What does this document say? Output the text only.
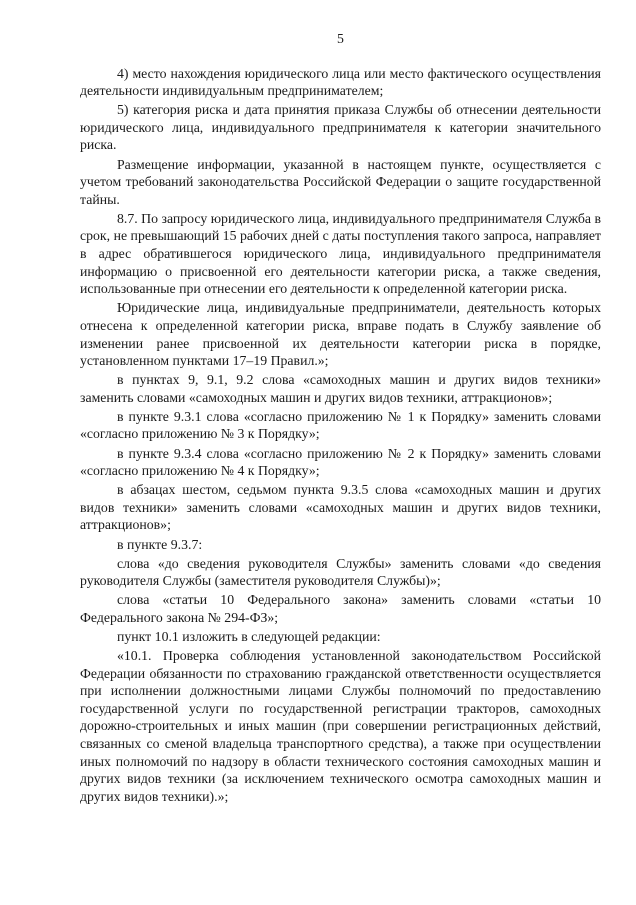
5

4) место нахождения юридического лица или место фактического осуществления деятельности индивидуальным предпринимателем;

5) категория риска и дата принятия приказа Службы об отнесении деятельности юридического лица, индивидуального предпринимателя к категории значительного риска.

Размещение информации, указанной в настоящем пункте, осуществляется с учетом требований законодательства Российской Федерации о защите государственной тайны.

8.7. По запросу юридического лица, индивидуального предпринимателя Служба в срок, не превышающий 15 рабочих дней с даты поступления такого запроса, направляет в адрес обратившегося юридического лица, индивидуального предпринимателя информацию о присвоенной его деятельности категории риска, а также сведения, использованные при отнесении его деятельности к определенной категории риска.

Юридические лица, индивидуальные предприниматели, деятельность которых отнесена к определенной категории риска, вправе подать в Службу заявление об изменении ранее присвоенной их деятельности категории риска в порядке, установленном пунктами 17–19 Правил.»;

в пунктах 9, 9.1, 9.2 слова «самоходных машин и других видов техники» заменить словами «самоходных машин и других видов техники, аттракционов»;

в пункте 9.3.1 слова «согласно приложению № 1 к Порядку» заменить словами «согласно приложению № 3 к Порядку»;

в пункте 9.3.4 слова «согласно приложению № 2 к Порядку» заменить словами «согласно приложению № 4 к Порядку»;

в абзацах шестом, седьмом пункта 9.3.5 слова «самоходных машин и других видов техники» заменить словами «самоходных машин и других видов техники, аттракционов»;

в пункте 9.3.7:

слова «до сведения руководителя Службы» заменить словами «до сведения руководителя Службы (заместителя руководителя Службы)»;

слова «статьи 10 Федерального закона» заменить словами «статьи 10 Федерального закона № 294-ФЗ»;

пункт 10.1 изложить в следующей редакции:

«10.1. Проверка соблюдения установленной законодательством Российской Федерации обязанности по страхованию гражданской ответственности осуществляется при исполнении должностными лицами Службы полномочий по предоставлению государственной услуги по государственной регистрации тракторов, самоходных дорожно-строительных и иных машин (при совершении регистрационных действий, связанных со сменой владельца транспортного средства), а также при осуществлении иных полномочий по надзору в области технического состояния самоходных машин и других видов техники (за исключением технического осмотра самоходных машин и других видов техники).»;
